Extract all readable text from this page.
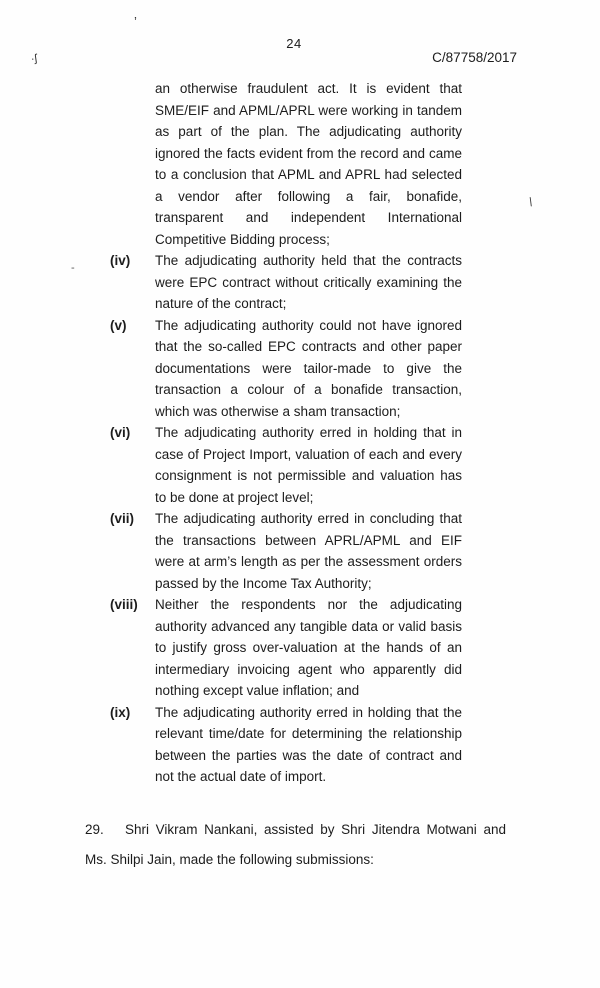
24
C/87758/2017
’
·ʃ
-
\

an otherwise fraudulent act. It is evident that SME/EIF and APML/APRL were working in tandem as part of the plan. The adjudicating authority ignored the facts evident from the record and came to a conclusion that APML and APRL had selected a vendor after following a fair, bonafide, transparent and independent International Competitive Bidding process;

(iv)	The adjudicating authority held that the contracts were EPC contract without critically examining the nature of the contract;

(v)	The adjudicating authority could not have ignored that the so-called EPC contracts and other paper documentations were tailor-made to give the transaction a colour of a bonafide transaction, which was otherwise a sham transaction;

(vi)	The adjudicating authority erred in holding that in case of Project Import, valuation of each and every consignment is not permissible and valuation has to be done at project level;

(vii)	The adjudicating authority erred in concluding that the transactions between APRL/APML and EIF were at arm’s length as per the assessment orders passed by the Income Tax Authority;

(viii)	Neither the respondents nor the adjudicating authority advanced any tangible data or valid basis to justify gross over-valuation at the hands of an intermediary invoicing agent who apparently did nothing except value inflation; and

(ix)	The adjudicating authority erred in holding that the relevant time/date for determining the relationship between the parties was the date of contract and not the actual date of import.

29. Shri Vikram Nankani, assisted by Shri Jitendra Motwani and Ms. Shilpi Jain, made the following submissions:
